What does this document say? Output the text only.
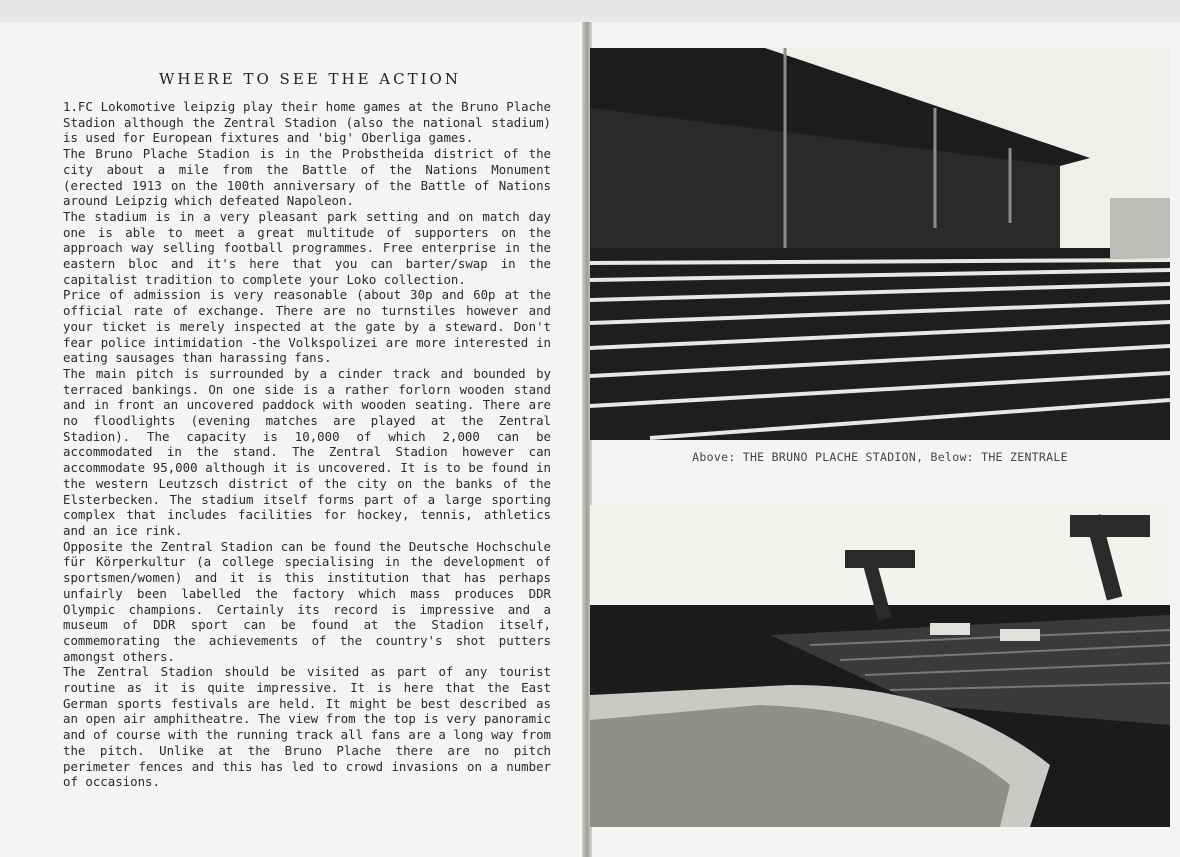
WHERE TO SEE THE ACTION

1.FC Lokomotive leipzig play their home games at the Bruno Plache Stadion although the Zentral Stadion (also the national stadium) is used for European fixtures and 'big' Oberliga games.

The Bruno Plache Stadion is in the Probstheida district of the city about a mile from the Battle of the Nations Monument (erected 1913 on the 100th anniversary of the Battle of Nations around Leipzig which defeated Napoleon.

The stadium is in a very pleasant park setting and on match day one is able to meet a great multitude of supporters on the approach way selling football programmes. Free enterprise in the eastern bloc and it's here that you can barter/swap in the capitalist tradition to complete your Loko collection.

Price of admission is very reasonable (about 30p and 60p at the official rate of exchange. There are no turnstiles however and your ticket is merely inspected at the gate by a steward. Don't fear police intimidation -the Volkspolizei are more interested in eating sausages than harassing fans.

The main pitch is surrounded by a cinder track and bounded by terraced bankings. On one side is a rather forlorn wooden stand and in front an uncovered paddock with wooden seating. There are no floodlights (evening matches are played at the Zentral Stadion). The capacity is 10,000 of which 2,000 can be accommodated in the stand. The Zentral Stadion however can accommodate 95,000 although it is uncovered. It is to be found in the western Leutzsch district of the city on the banks of the Elsterbecken. The stadium itself forms part of a large sporting complex that includes facilities for hockey, tennis, athletics and an ice rink.

Opposite the Zentral Stadion can be found the Deutsche Hochschule für Körperkultur (a college specialising in the development of sportsmen/women) and it is this institution that has perhaps unfairly been labelled the factory which mass produces DDR Olympic champions. Certainly its record is impressive and a museum of DDR sport can be found at the Stadion itself, commemorating the achievements of the country's shot putters amongst others.

The Zentral Stadion should be visited as part of any tourist routine as it is quite impressive. It is here that the East German sports festivals are held. It might be best described as an open air amphitheatre. The view from the top is very panoramic and of course with the running track all fans are a long way from the pitch. Unlike at the Bruno Plache there are no pitch perimeter fences and this has led to crowd invasions on a number of occasions.

Above: THE BRUNO PLACHE STADION, Below: THE ZENTRALE
